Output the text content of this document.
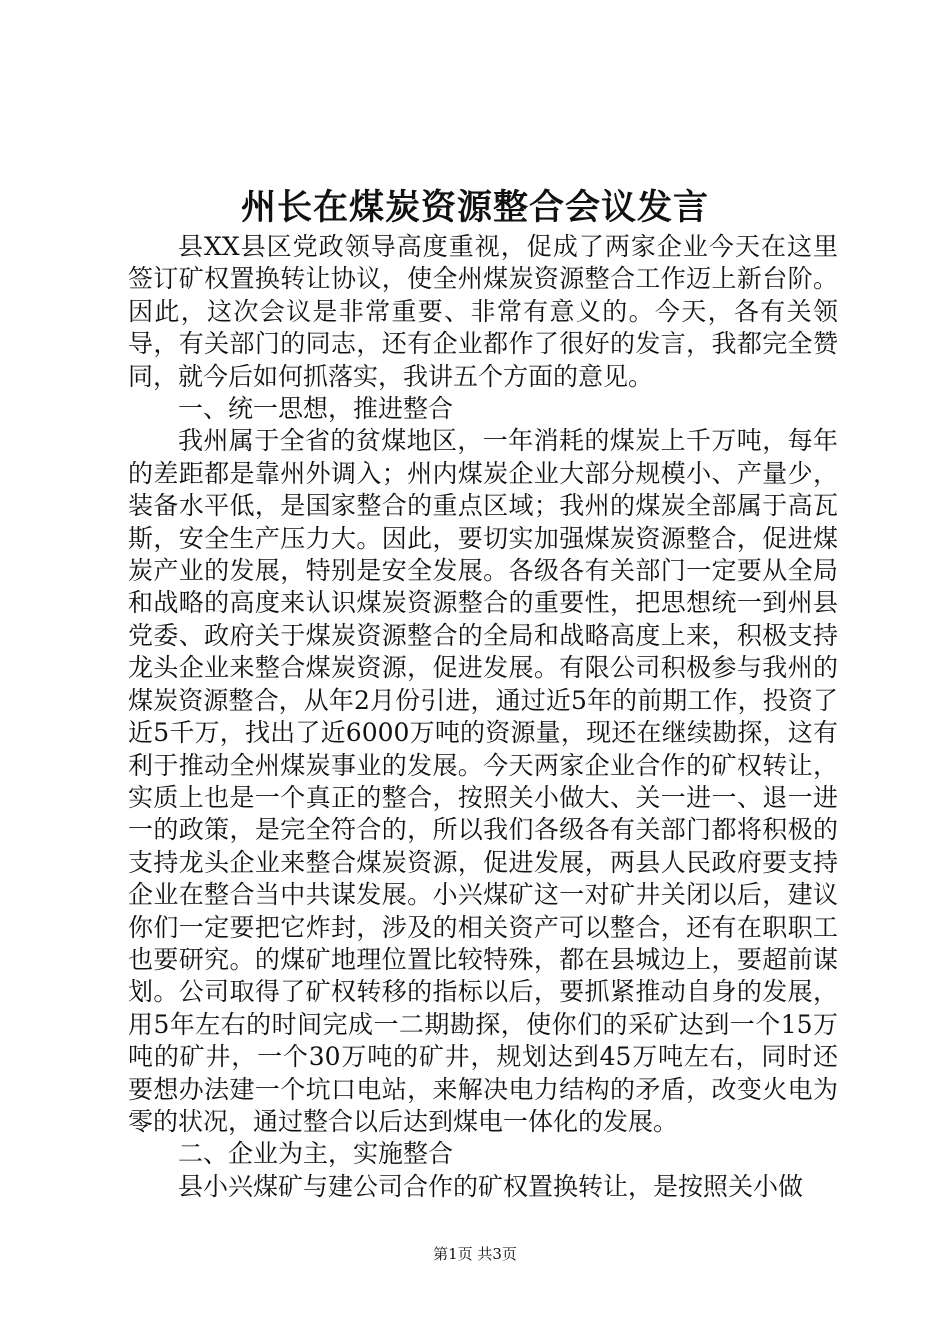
州长在煤炭资源整合会议发言

县XX县区党政领导高度重视，促成了两家企业今天在这里签订矿权置换转让协议，使全州煤炭资源整合工作迈上新台阶。因此，这次会议是非常重要、非常有意义的。今天，各有关领导，有关部门的同志，还有企业都作了很好的发言，我都完全赞同，就今后如何抓落实，我讲五个方面的意见。

一、统一思想，推进整合

我州属于全省的贫煤地区，一年消耗的煤炭上千万吨，每年的差距都是靠州外调入；州内煤炭企业大部分规模小、产量少，装备水平低，是国家整合的重点区域；我州的煤炭全部属于高瓦斯，安全生产压力大。因此，要切实加强煤炭资源整合，促进煤炭产业的发展，特别是安全发展。各级各有关部门一定要从全局和战略的高度来认识煤炭资源整合的重要性，把思想统一到州县党委、政府关于煤炭资源整合的全局和战略高度上来，积极支持龙头企业来整合煤炭资源，促进发展。有限公司积极参与我州的煤炭资源整合，从年2月份引进，通过近5年的前期工作，投资了近5千万，找出了近6000万吨的资源量，现还在继续勘探，这有利于推动全州煤炭事业的发展。今天两家企业合作的矿权转让，实质上也是一个真正的整合，按照关小做大、关一进一、退一进一的政策，是完全符合的，所以我们各级各有关部门都将积极的支持龙头企业来整合煤炭资源，促进发展，两县人民政府要支持企业在整合当中共谋发展。小兴煤矿这一对矿井关闭以后，建议你们一定要把它炸封，涉及的相关资产可以整合，还有在职职工也要研究。的煤矿地理位置比较特殊，都在县城边上，要超前谋划。公司取得了矿权转移的指标以后，要抓紧推动自身的发展，用5年左右的时间完成一二期勘探，使你们的采矿达到一个15万吨的矿井，一个30万吨的矿井，规划达到45万吨左右，同时还要想办法建一个坑口电站，来解决电力结构的矛盾，改变火电为零的状况，通过整合以后达到煤电一体化的发展。

二、企业为主，实施整合

县小兴煤矿与建公司合作的矿权置换转让，是按照关小做

第1页 共3页
